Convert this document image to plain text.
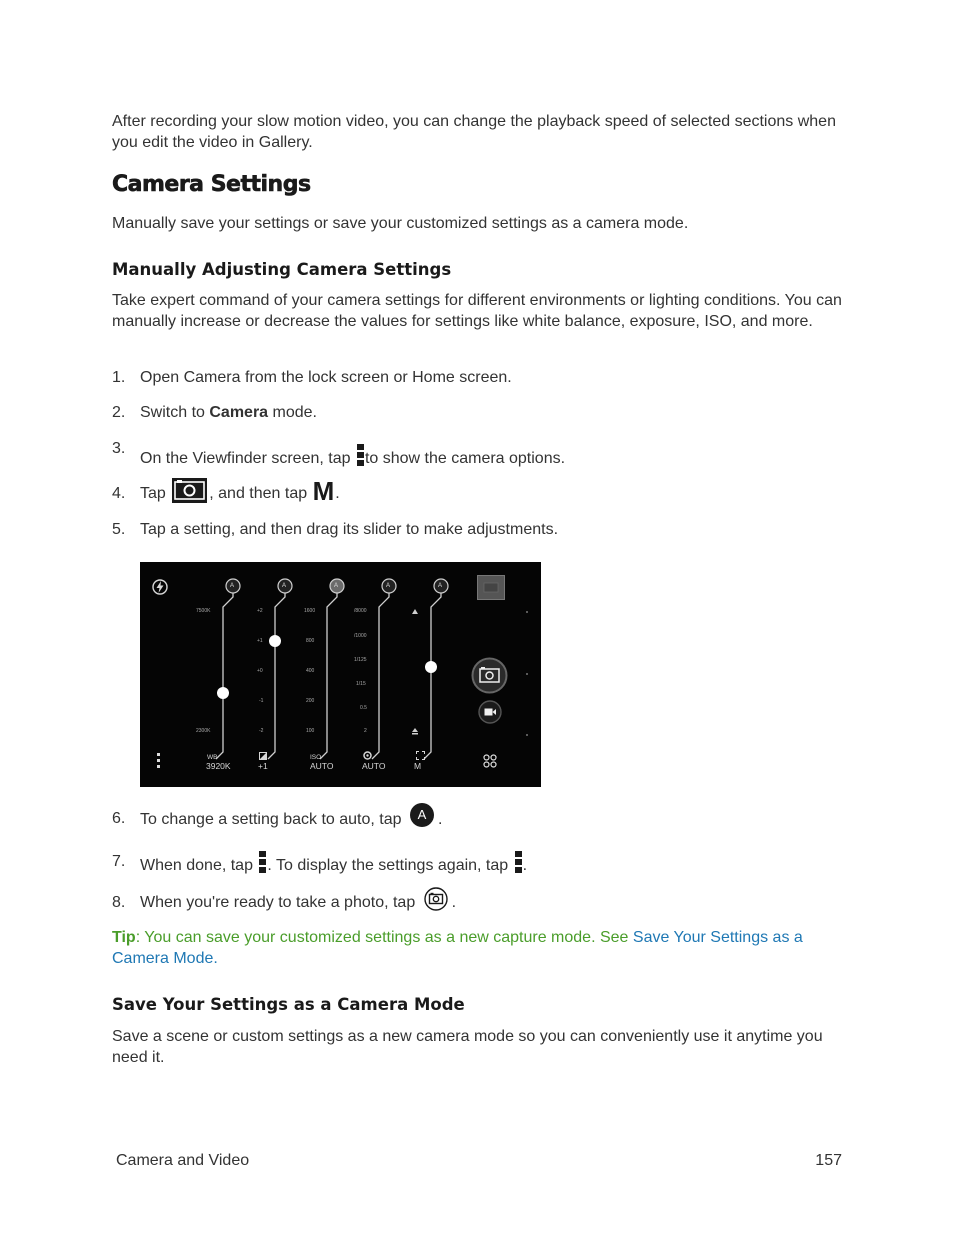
After recording your slow motion video, you can change the playback speed of selected sections when you edit the video in Gallery.
Camera Settings
Manually save your settings or save your customized settings as a camera mode.
Manually Adjusting Camera Settings
Take expert command of your camera settings for different environments or lighting conditions. You can manually increase or decrease the values for settings like white balance, exposure, ISO, and more.
1. Open Camera from the lock screen or Home screen.
2. Switch to Camera mode.
3.
On the Viewfinder screen, tap
to show the camera options.
4. Tap , and then tap M .
5. Tap a setting, and then drag its slider to make adjustments.
A	A	A	A	A
7500K
2300K
+2
+1
+0
-1
-2
1600
800
400
200
100
/8000
/1000
1/125
1/15
0.5
2
WB
3920K	+1
ISO
AUTO	AUTO	M
6. To change a setting back to auto, tap A .
7. When done, tap
. To display the settings again, tap
.
8. When you're ready to take a photo, tap .
Tip: You can save your customized settings as a new capture mode. See Save Your Settings as a Camera Mode.
Save Your Settings as a Camera Mode
Save a scene or custom settings as a new camera mode so you can conveniently use it anytime you need it.
Camera and Video	157
